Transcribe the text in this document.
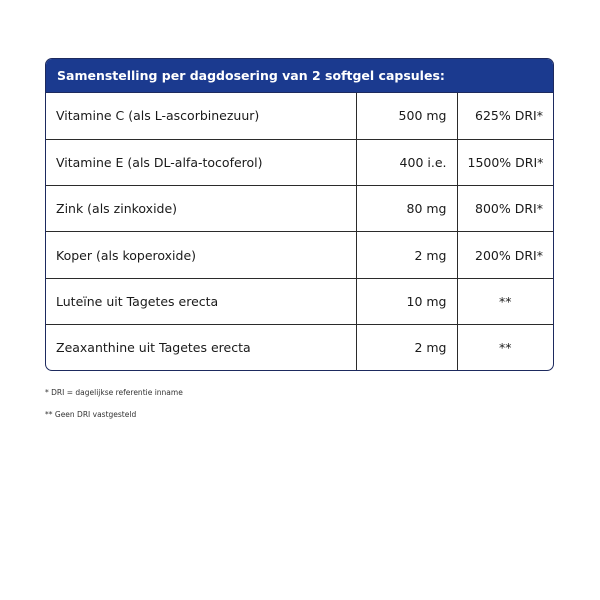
Samenstelling per dagdosering van 2 softgel capsules:
Vitamine C (als L-ascorbinezuur)	500 mg	625% DRI*
Vitamine E (als DL-alfa-tocoferol)	400 i.e.	1500% DRI*
Zink (als zinkoxide)	80 mg	800% DRI*
Koper (als koperoxide)	2 mg	200% DRI*
Luteïne uit Tagetes erecta	10 mg	**
Zeaxanthine uit Tagetes erecta	2 mg	**
* DRI = dagelijkse referentie inname
** Geen DRI vastgesteld
